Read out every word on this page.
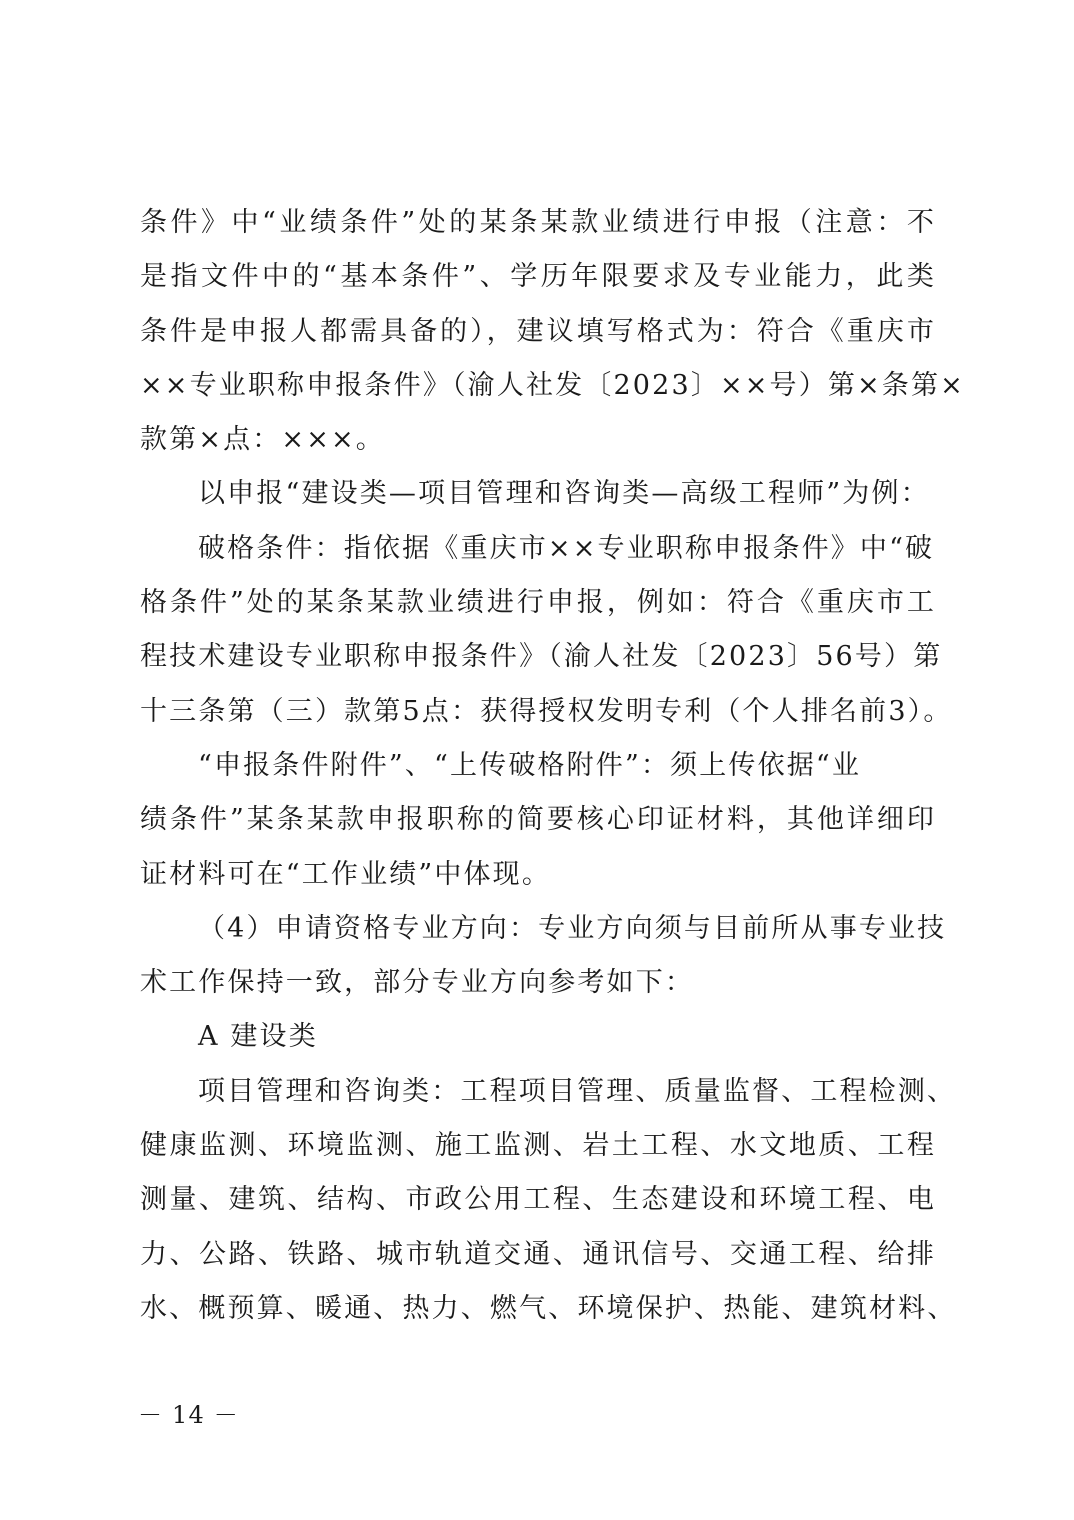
条件》中“业绩条件”处的某条某款业绩进行申报（注意：不
是指文件中的“基本条件”、学历年限要求及专业能力，此类
条件是申报人都需具备的），建议填写格式为：符合《重庆市
××专业职称申报条件》（渝人社发〔2023〕××号）第×条第×
款第×点：×××。
以申报“建设类—项目管理和咨询类—高级工程师”为例：
破格条件：指依据《重庆市××专业职称申报条件》中“破
格条件”处的某条某款业绩进行申报，例如：符合《重庆市工
程技术建设专业职称申报条件》（渝人社发〔2023〕56号）第
十三条第（三）款第5点：获得授权发明专利（个人排名前3）。
“申报条件附件”、“上传破格附件”：须上传依据“业
绩条件”某条某款申报职称的简要核心印证材料，其他详细印
证材料可在“工作业绩”中体现。
（4）申请资格专业方向：专业方向须与目前所从事专业技
术工作保持一致，部分专业方向参考如下：
A 建设类
项目管理和咨询类：工程项目管理、质量监督、工程检测、
健康监测、环境监测、施工监测、岩土工程、水文地质、工程
测量、建筑、结构、市政公用工程、生态建设和环境工程、电
力、公路、铁路、城市轨道交通、通讯信号、交通工程、给排
水、概预算、暖通、热力、燃气、环境保护、热能、建筑材料、
－ 14 －
